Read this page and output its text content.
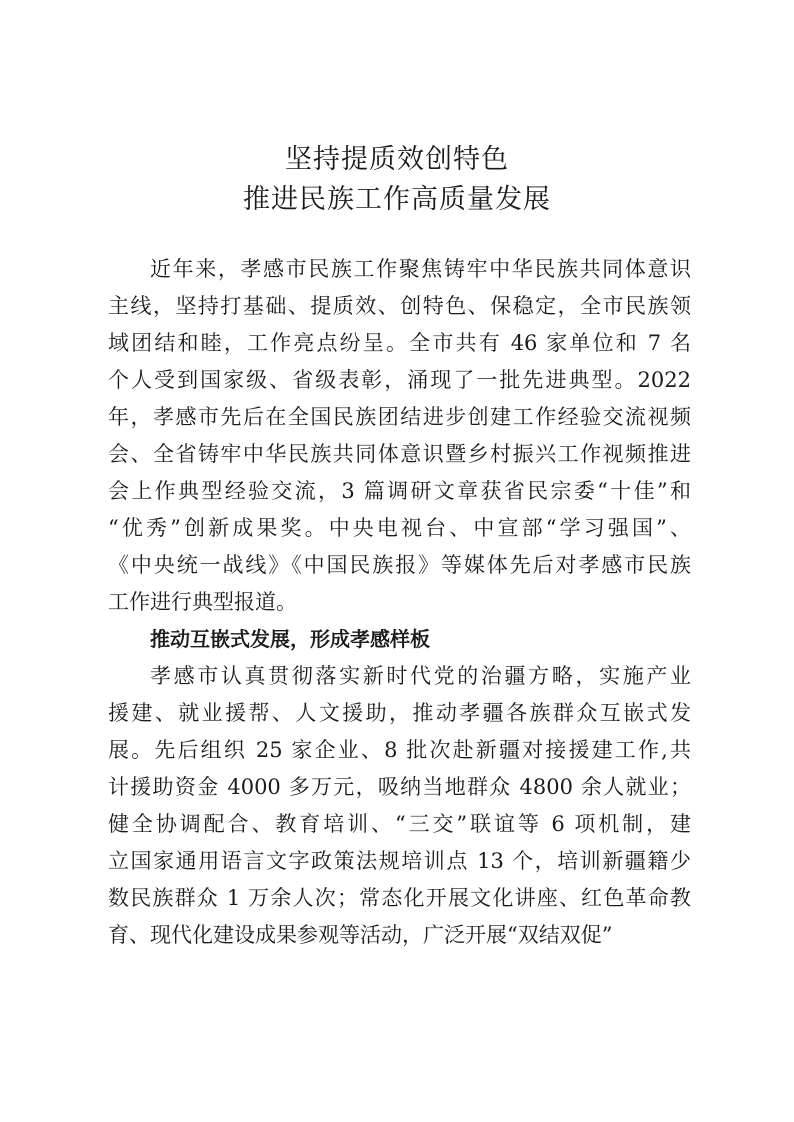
坚持提质效创特色
推进民族工作高质量发展
近年来，孝感市民族工作聚焦铸牢中华民族共同体意识
主线，坚持打基础、提质效、创特色、保稳定，全市民族领
域团结和睦，工作亮点纷呈。全市共有 46 家单位和 7 名
个人受到国家级、省级表彰，涌现了一批先进典型。2022
年，孝感市先后在全国民族团结进步创建工作经验交流视频
会、全省铸牢中华民族共同体意识暨乡村振兴工作视频推进
会上作典型经验交流，3 篇调研文章获省民宗委“十佳”和
“优秀”创新成果奖。中央电视台、中宣部“学习强国”、
《中央统一战线》《中国民族报》等媒体先后对孝感市民族
工作进行典型报道。
推动互嵌式发展，形成孝感样板
孝感市认真贯彻落实新时代党的治疆方略，实施产业
援建、就业援帮、人文援助，推动孝疆各族群众互嵌式发
展。先后组织 25 家企业、8 批次赴新疆对接援建工作,共
计援助资金 4000 多万元，吸纳当地群众 4800 余人就业；
健全协调配合、教育培训、“三交”联谊等 6 项机制，建
立国家通用语言文字政策法规培训点 13 个，培训新疆籍少
数民族群众 1 万余人次；常态化开展文化讲座、红色革命教
育、现代化建设成果参观等活动，广泛开展“双结双促”
